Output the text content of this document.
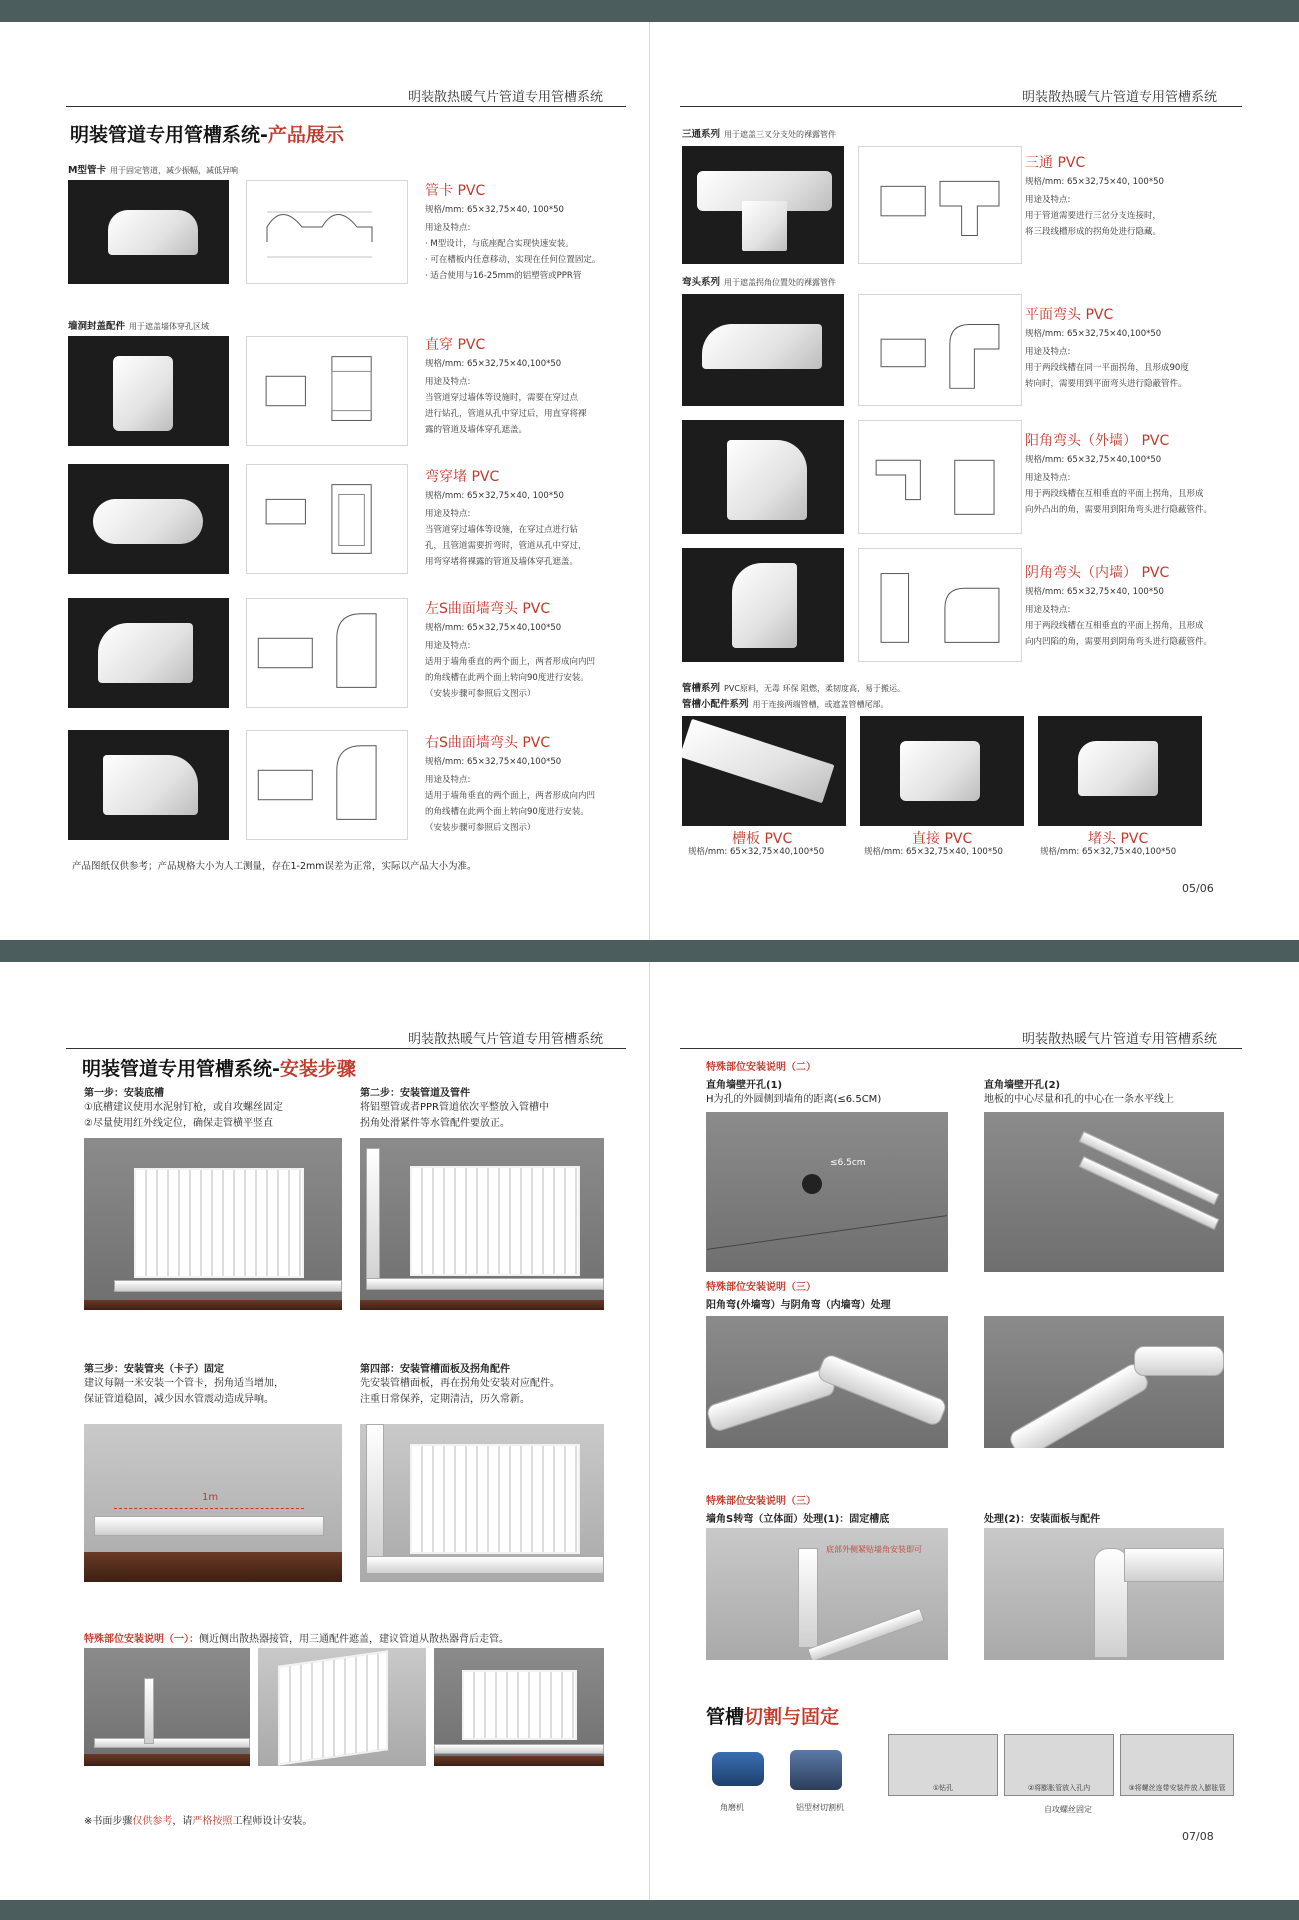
明装散热暖气片管道专用管槽系统
明装管道专用管槽系统-产品展示
M型管卡 用于固定管道，减少振幅，减低异响
管卡 PVC
规格/mm: 65×32,75×40, 100*50
用途及特点:
· M型设计，与底座配合实现快速安装。
· 可在槽板内任意移动，实现在任何位置固定。
· 适合使用与16-25mm的铝塑管或PPR管
墙洞封盖配件 用于遮盖墙体穿孔区域
直穿 PVC
规格/mm: 65×32,75×40,100*50
用途及特点:
当管道穿过墙体等设施时，需要在穿过点
进行钻孔，管道从孔中穿过后，用直穿将裸
露的管道及墙体穿孔遮盖。
弯穿堵 PVC
规格/mm: 65×32,75×40, 100*50
用途及特点:
当管道穿过墙体等设施，在穿过点进行钻
孔，且管道需要折弯时，管道从孔中穿过，
用弯穿堵将裸露的管道及墙体穿孔遮盖。
左S曲面墙弯头 PVC
规格/mm: 65×32,75×40,100*50
用途及特点:
适用于墙角垂直的两个面上，两者形成向内凹
的角线槽在此两个面上转向90度进行安装。
（安装步骤可参照后文图示）
右S曲面墙弯头 PVC
规格/mm: 65×32,75×40,100*50
用途及特点:
适用于墙角垂直的两个面上，两者形成向内凹
的角线槽在此两个面上转向90度进行安装。
（安装步骤可参照后文图示）
产品图纸仅供参考；产品规格大小为人工测量，存在1-2mm误差为正常，实际以产品大小为准。
明装散热暖气片管道专用管槽系统
三通系列 用于遮盖三叉分支处的裸露管件
三通 PVC
规格/mm: 65×32,75×40, 100*50
用途及特点:
用于管道需要进行三岔分支连接时，
将三段线槽形成的拐角处进行隐藏。
弯头系列 用于遮盖拐角位置处的裸露管件
平面弯头 PVC
规格/mm: 65×32,75×40,100*50
用途及特点:
用于两段线槽在同一平面拐角，且形成90度
转向时，需要用到平面弯头进行隐蔽管件。
阳角弯头（外墙） PVC
规格/mm: 65×32,75×40,100*50
用途及特点:
用于两段线槽在互相垂直的平面上拐角，且形成
向外凸出的角，需要用到阳角弯头进行隐蔽管件。
阴角弯头（内墙） PVC
规格/mm: 65×32,75×40, 100*50
用途及特点:
用于两段线槽在互相垂直的平面上拐角，且形成
向内凹陷的角，需要用到阴角弯头进行隐蔽管件。
管槽系列 PVC原料，无毒 环保 阻燃，柔韧度高，易于搬运。
管槽小配件系列 用于连接两端管槽，或遮盖管槽尾部。
槽板 PVC
规格/mm: 65×32,75×40,100*50
直接 PVC
规格/mm: 65×32,75×40, 100*50
堵头 PVC
规格/mm: 65×32,75×40,100*50
05/06
明装散热暖气片管道专用管槽系统
明装管道专用管槽系统-安装步骤
第一步：安装底槽
①底槽建议使用水泥射钉枪，或自攻螺丝固定
②尽量使用红外线定位，确保走管横平竖直
第二步：安装管道及管件
将铝塑管或者PPR管道依次平整放入管槽中
拐角处滑紧件等水管配件要放正。
第三步：安装管夹（卡子）固定
建议每隔一米安装一个管卡，拐角适当增加，
保证管道稳固，减少因水管震动造成异响。
1m
第四部：安装管槽面板及拐角配件
先安装管槽面板，再在拐角处安装对应配件。
注重日常保养，定期清洁，历久常新。
特殊部位安装说明（一）：侧近侧出散热器接管，用三通配件遮盖，建议管道从散热器背后走管。
※书面步骤仅供参考，请严格按照工程师设计安装。
明装散热暖气片管道专用管槽系统
特殊部位安装说明（二）
直角墙壁开孔(1)
H为孔的外圆侧到墙角的距离(≤6.5CM)
直角墙壁开孔(2)
地板的中心尽量和孔的中心在一条水平线上
≤6.5cm
特殊部位安装说明（三）
阳角弯(外墙弯）与阴角弯（内墙弯）处理
特殊部位安装说明（三）
墙角S转弯（立体面）处理(1)：固定槽底	处理(2)：安装面板与配件
底部外侧紧贴墙角安装即可
管槽切割与固定
角磨机	铝型材切割机
①钻孔	②将膨胀管放入孔内	③将螺丝连带安装件放入膨胀管
自攻螺丝固定
07/08
